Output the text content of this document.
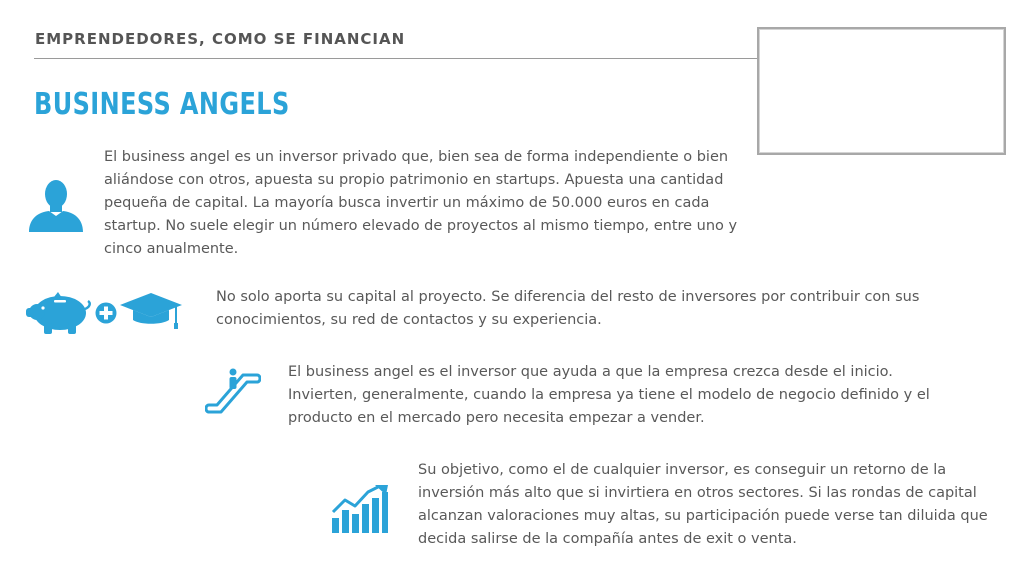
EMPRENDEDORES, COMO SE FINANCIAN
BUSINESS ANGELS

El business angel es un inversor privado que, bien sea de forma independiente o bien aliándose con otros, apuesta su propio patrimonio en startups. Apuesta una cantidad pequeña de capital. La mayoría busca invertir un máximo de 50.000 euros en cada startup. No suele elegir un número elevado de proyectos al mismo tiempo, entre uno y cinco anualmente.

No solo aporta su capital al proyecto. Se diferencia del resto de inversores por contribuir con sus conocimientos, su red de contactos y su experiencia.

El business angel es el inversor que ayuda a que la empresa crezca desde el inicio. Invierten, generalmente, cuando la empresa ya tiene el modelo de negocio definido y el producto en el mercado pero necesita empezar a vender.

Su objetivo, como el de cualquier inversor, es conseguir un retorno de la inversión más alto que si invirtiera en otros sectores. Si las rondas de capital alcanzan valoraciones muy altas, su participación puede verse tan diluida que decida salirse de la compañía antes de exit o venta.
